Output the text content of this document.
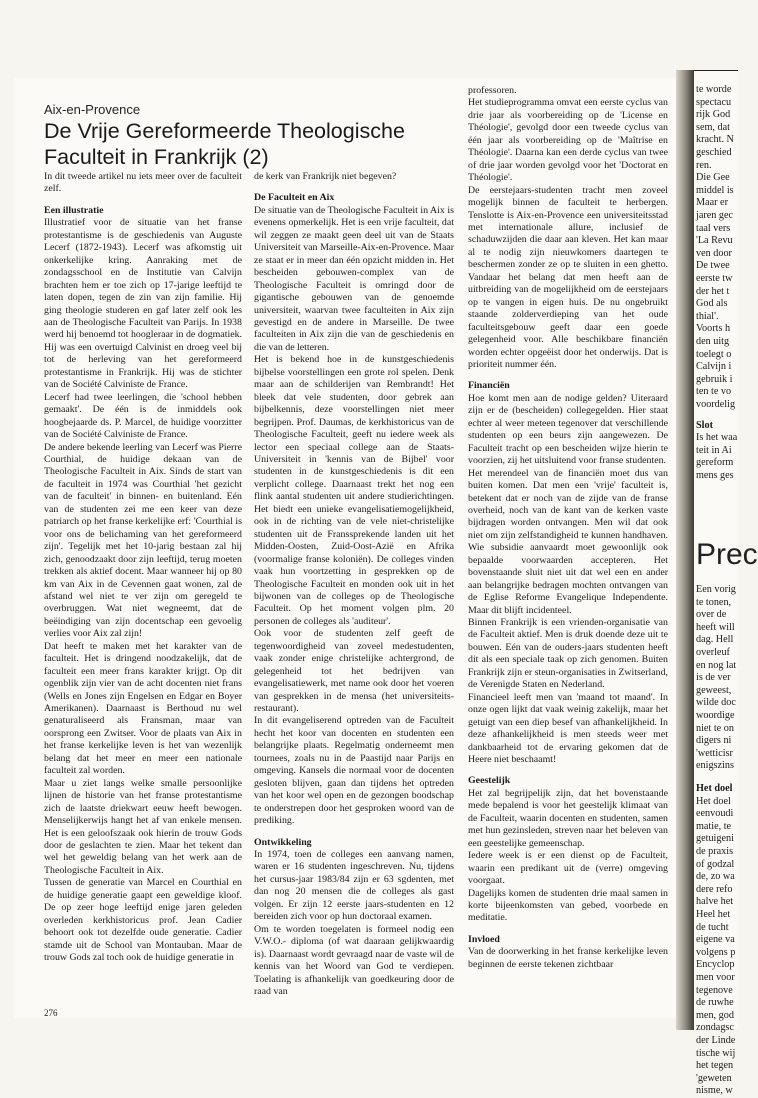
te worde
spectacu
rijk God
sem, dat
kracht. N
geschied
ren.
Die Gee
middel is
Maar er
jaren gec
taal vers
'La Revu
ven door
De twee
eerste tw
der het t
God als
thial'.
Voorts h
den uitg
toelegt o
Calvijn i
gebruik i
ten te vo
voordelig
Slot
Is het waa
teit in Ai
gereform
mens ges
Prec
Een vorig
te tonen,
over de
heeft will
dag. Hell
overleuf
en nog lat
is de ver
geweest,
wilde doc
woordige
niet te on
digers ni
'wetticisr
enigszins
Het doel
Het doel
eenvoudi
matie, te
getuigeni
de praxis
of godzal
de, zo wa
dere refo
halve het
Heel het
de tucht
eigene va
volgens p
Encyclop
men voor
tegenove
de ruwhe
men, god
zondagsc
der Linde
tische wij
het tegen
'geweten
nisme, w
Aix-en-Provence
De Vrije Gereformeerde Theologische Faculteit in Frankrijk (2)

In dit tweede artikel nu iets meer over de faculteit zelf.

Een illustratie

Illustratief voor de situatie van het franse protestantisme is de geschiedenis van Auguste Lecerf (1872-1943). Lecerf was afkomstig uit onkerkelijke kring. Aanraking met de zondagsschool en de Institutie van Calvijn brachten hem er toe zich op 17-jarige leeftijd te laten dopen, tegen de zin van zijn familie. Hij ging theologie studeren en gaf later zelf ook les aan de Theologische Faculteit van Parijs. In 1938 werd hij benoemd tot hoogleraar in de dogmatiek. Hij was een overtuigd Calvinist en droeg veel bij tot de herleving van het gereformeerd protestantisme in Frankrijk. Hij was de stichter van de Société Calviniste de France.

Lecerf had twee leerlingen, die 'school hebben gemaakt'. De één is de inmiddels ook hoogbejaarde ds. P. Marcel, de huidige voorzitter van de Société Calviniste de France.

De andere bekende leerling van Lecerf was Pierre Courthial, de huidige dekaan van de Theologische Faculteit in Aix. Sinds de start van de faculteit in 1974 was Courthial 'het gezicht van de faculteit' in binnen- en buitenland. Eén van de studenten zei me een keer van deze patriarch op het franse kerkelijke erf: 'Courthial is voor ons de belichaming van het gereformeerd zijn'. Tegelijk met het 10-jarig bestaan zal hij zich, genoodzaakt door zijn leeftijd, terug moeten trekken als aktief docent. Maar wanneer hij op 80 km van Aix in de Cevennen gaat wonen, zal de afstand wel niet te ver zijn om geregeld te overbruggen. Wat niet wegneemt, dat de beëindiging van zijn docentschap een gevoelig verlies voor Aix zal zijn!

Dat heeft te maken met het karakter van de faculteit. Het is dringend noodzakelijk, dat de faculteit een meer frans karakter krijgt. Op dit ogenblik zijn vier van de acht docenten niet frans (Wells en Jones zijn Engelsen en Edgar en Boyer Amerikanen). Daarnaast is Berthoud nu wel genaturaliseerd als Fransman, maar van oorsprong een Zwitser. Voor de plaats van Aix in het franse kerkelijke leven is het van wezenlijk belang dat het meer en meer een nationale faculteit zal worden.

Maar u ziet langs welke smalle persoonlijke lijnen de historie van het franse protestantisme zich de laatste driekwart eeuw heeft bewogen. Menselijkerwijs hangt het af van enkele mensen. Het is een geloofszaak ook hierin de trouw Gods door de geslachten te zien. Maar het tekent dan wel het geweldig belang van het werk aan de Theologische Faculteit in Aix.

Tussen de generatie van Marcel en Courthial en de huidige generatie gaapt een geweldige kloof. De op zeer hoge leeftijd enige jaren geleden overleden kerkhistoricus prof. Jean Cadier behoort ook tot dezelfde oude generatie. Cadier stamde uit de School van Montauban. Maar de trouw Gods zal toch ook de huidige generatie in

de kerk van Frankrijk niet begeven?

De Faculteit en Aix

De situatie van de Theologische Faculteit in Aix is evenens opmerkelijk. Het is een vrije faculteit, dat wil zeggen ze maakt geen deel uit van de Staats Universiteit van Marseille-Aix-en-Provence. Maar ze staat er in meer dan één opzicht midden in. Het bescheiden gebouwen-complex van de Theologische Faculteit is omringd door de gigantische gebouwen van de genoemde universiteit, waarvan twee faculteiten in Aix zijn gevestigd en de andere in Marseille. De twee faculteiten in Aix zijn die van de geschiedenis en die van de letteren.

Het is bekend hoe in de kunstgeschiedenis bijbelse voorstellingen een grote rol spelen. Denk maar aan de schilderijen van Rembrandt! Het bleek dat vele studenten, door gebrek aan bijbelkennis, deze voorstellingen niet meer begrijpen. Prof. Daumas, de kerkhistoricus van de Theologische Faculteit, geeft nu iedere week als lector een speciaal college aan de Staats-Universiteit in 'kennis van de Bijbel' voor studenten in de kunstgeschiedenis is dit een verplicht college. Daarnaast trekt het nog een flink aantal studenten uit andere studierichtingen. Het biedt een unieke evangelisatiemogelijkheid, ook in de richting van de vele niet-christelijke studenten uit de Franssprekende landen uit het Midden-Oosten, Zuid-Oost-Azië en Afrika (voormalige franse koloniën). De colleges vinden vaak hun voortzetting in gesprekken op de Theologische Faculteit en monden ook uit in het bijwonen van de colleges op de Theologische Faculteit. Op het moment volgen plm. 20 personen de colleges als 'auditeur'.

Ook voor de studenten zelf geeft de tegenwoordigheid van zoveel medestudenten, vaak zonder enige christelijke achtergrond, de gelegenheid tot het bedrijven van evangelisatiewerk, met name ook door het voeren van gesprekken in de mensa (het universiteits- restaurant).

In dit evangeliserend optreden van de Faculteit hecht het koor van docenten en studenten een belangrijke plaats. Regelmatig onderneemt men tournees, zoals nu in de Paastijd naar Parijs en omgeving. Kansels die normaal voor de docenten gesloten blijven, gaan dan tijdens het optreden van het koor wel open en de gezongen boodschap te onderstrepen door het gesproken woord van de prediking.

Ontwikkeling

In 1974, toen de colleges een aanvang namen, waren er 16 studenten ingeschreven. Nu, tijdens het cursus-jaar 1983/84 zijn er 63 sgdenten, met dan nog 20 mensen die de colleges als gast volgen. Er zijn 12 eerste jaars-studenten en 12 bereiden zich voor op hun doctoraal examen.

Om te worden toegelaten is formeel nodig een V.W.O.- diploma (of wat daaraan gelijkwaardig is). Daarnaast wordt gevraagd naar de vaste wil de kennis van het Woord van God te verdiepen. Toelating is afhankelijk van goedkeuring door de raad van

professoren.

Het studieprogramma omvat een eerste cyclus van drie jaar als voorbereiding op de 'License en Théologie', gevolgd door een tweede cyclus van één jaar als voorbereiding op de 'Maîtrise en Théologie'. Daarna kan een derde cyclus van twee of drie jaar worden gevolgd voor het 'Doctorat en Théologie'.

De eerstejaars-studenten tracht men zoveel mogelijk binnen de faculteit te herbergen. Tenslotte is Aix-en-Provence een universiteitsstad met internationale allure, inclusief de schaduwzijden die daar aan kleven. Het kan maar al te nodig zijn nieuwkomers daartegen te beschermen zonder ze op te sluiten in een ghetto. Vandaar het belang dat men heeft aan de uitbreiding van de mogelijkheid om de eerstejaars op te vangen in eigen huis. De nu ongebruikt staande zolderverdieping van het oude faculteitsgebouw geeft daar een goede gelegenheid voor. Alle beschikbare financiën worden echter opgeëist door het onderwijs. Dat is prioriteit nummer één.

Financiën

Hoe komt men aan de nodige gelden? Uiteraard zijn er de (bescheiden) collegegelden. Hier staat echter al weer meteen tegenover dat verschillende studenten op een beurs zijn aangewezen. De Faculteit tracht op een bescheiden wijze hierin te voorzien, zij het uitsluitend voor franse studenten.

Het merendeel van de financiën moet dus van buiten komen. Dat men een 'vrije' faculteit is, betekent dat er noch van de zijde van de franse overheid, noch van de kant van de kerken vaste bijdragen worden ontvangen. Men wil dat ook niet om zijn zelfstandigheid te kunnen handhaven. Wie subsidie aanvaardt moet gewoonlijk ook bepaalde voorwaarden accepteren. Het bovenstaande sluit niet uit dat wel een en ander aan belangrijke bedragen mochten ontvangen van de Eglise Reforme Evangelique Independente. Maar dit blijft incidenteel.

Binnen Frankrijk is een vrienden-organisatie van de Faculteit aktief. Men is druk doende deze uit te bouwen. Eén van de ouders-jaars studenten heeft dit als een speciale taak op zich genomen. Buiten Frankrijk zijn er steun-organisaties in Zwitserland, de Verenigde Staten en Nederland.

Financieel leeft men van 'maand tot maand'. In onze ogen lijkt dat vaak weinig zakelijk, maar het getuigt van een diep besef van afhankelijkheid. In deze afhankelijkheid is men steeds weer met dankbaarheid tot de ervaring gekomen dat de Heere niet beschaamt!

Geestelijk

Het zal begrijpelijk zijn, dat het bovenstaande mede bepalend is voor het geestelijk klimaat van de Faculteit, waarin docenten en studenten, samen met hun gezinsleden, streven naar het beleven van een geestelijke gemeenschap.

Iedere week is er een dienst op de Faculteit, waarin een predikant uit de (verre) omgeving voorgaat.

Dagelijks komen de studenten drie maal samen in korte bijeenkomsten van gebed, voorbede en meditatie.

Invloed

Van de doorwerking in het franse kerkelijke leven beginnen de eerste tekenen zichtbaar

276
